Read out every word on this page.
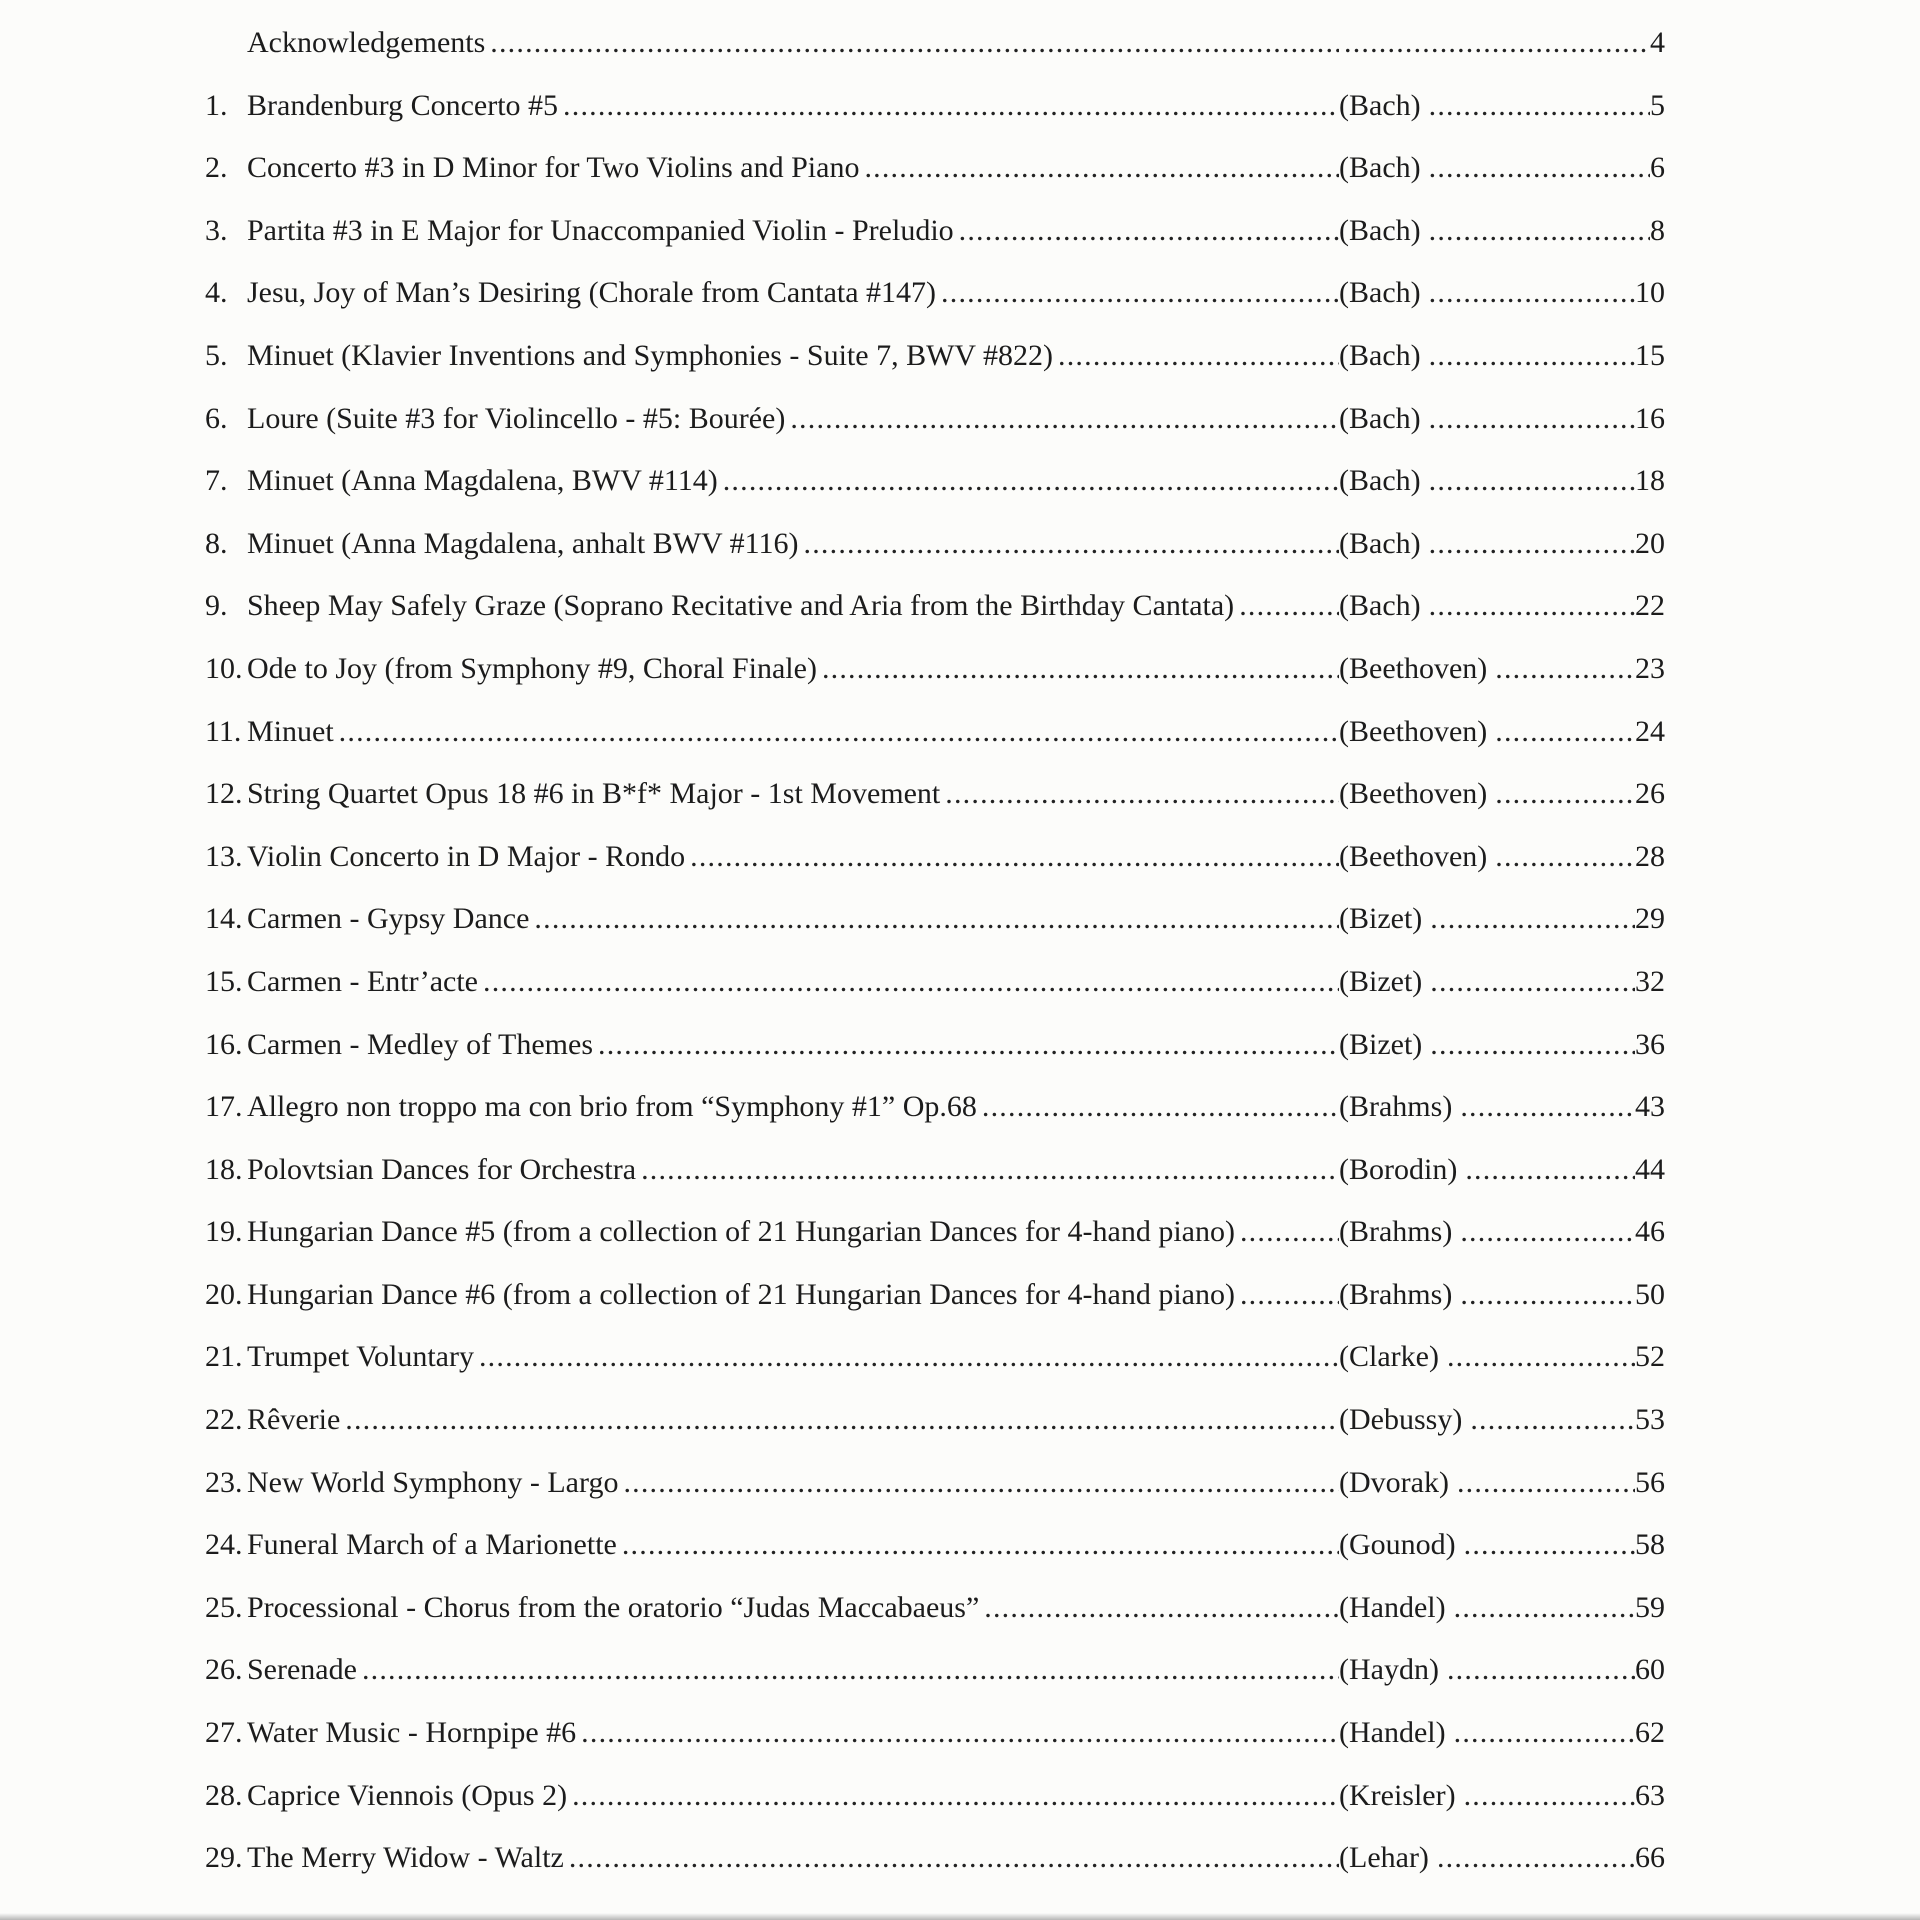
Acknowledgements ..... .....	4
1. Brandenburg Concerto #5 .....	(Bach) .....	5
2. Concerto #3 in D Minor for Two Violins and Piano .....	(Bach) .....	6
3. Partita #3 in E Major for Unaccompanied Violin - Preludio .....	(Bach) .....	8
4. Jesu, Joy of Man’s Desiring (Chorale from Cantata #147) .....	(Bach) .....	10
5. Minuet (Klavier Inventions and Symphonies - Suite 7, BWV #822) .....	(Bach) .....	15
6. Loure (Suite #3 for Violincello - #5: Bourée) .....	(Bach) .....	16
7. Minuet (Anna Magdalena, BWV #114) .....	(Bach) .....	18
8. Minuet (Anna Magdalena, anhalt BWV #116) .....	(Bach) .....	20
9. Sheep May Safely Graze (Soprano Recitative and Aria from the Birthday Cantata) .....	(Bach) .....	22
10. Ode to Joy (from Symphony #9, Choral Finale) .....	(Beethoven) .....	23
11. Minuet .....	(Beethoven) .....	24
12. String Quartet Opus 18 #6 in B*f* Major - 1st Movement .....	(Beethoven) .....	26
13. Violin Concerto in D Major - Rondo .....	(Beethoven) .....	28
14. Carmen - Gypsy Dance .....	(Bizet) .....	29
15. Carmen - Entr’acte .....	(Bizet) .....	32
16. Carmen - Medley of Themes .....	(Bizet) .....	36
17. Allegro non troppo ma con brio from “Symphony #1” Op.68 .....	(Brahms) .....	43
18. Polovtsian Dances for Orchestra .....	(Borodin) .....	44
19. Hungarian Dance #5 (from a collection of 21 Hungarian Dances for 4-hand piano) .....	(Brahms) .....	46
20. Hungarian Dance #6 (from a collection of 21 Hungarian Dances for 4-hand piano) .....	(Brahms) .....	50
21. Trumpet Voluntary .....	(Clarke) .....	52
22. Rêverie .....	(Debussy) .....	53
23. New World Symphony - Largo .....	(Dvorak) .....	56
24. Funeral March of a Marionette .....	(Gounod) .....	58
25. Processional - Chorus from the oratorio “Judas Maccabaeus” .....	(Handel) .....	59
26. Serenade .....	(Haydn) .....	60
27. Water Music - Hornpipe #6 .....	(Handel) .....	62
28. Caprice Viennois (Opus 2) .....	(Kreisler) .....	63
29. The Merry Widow - Waltz .....	(Lehar) .....	66
